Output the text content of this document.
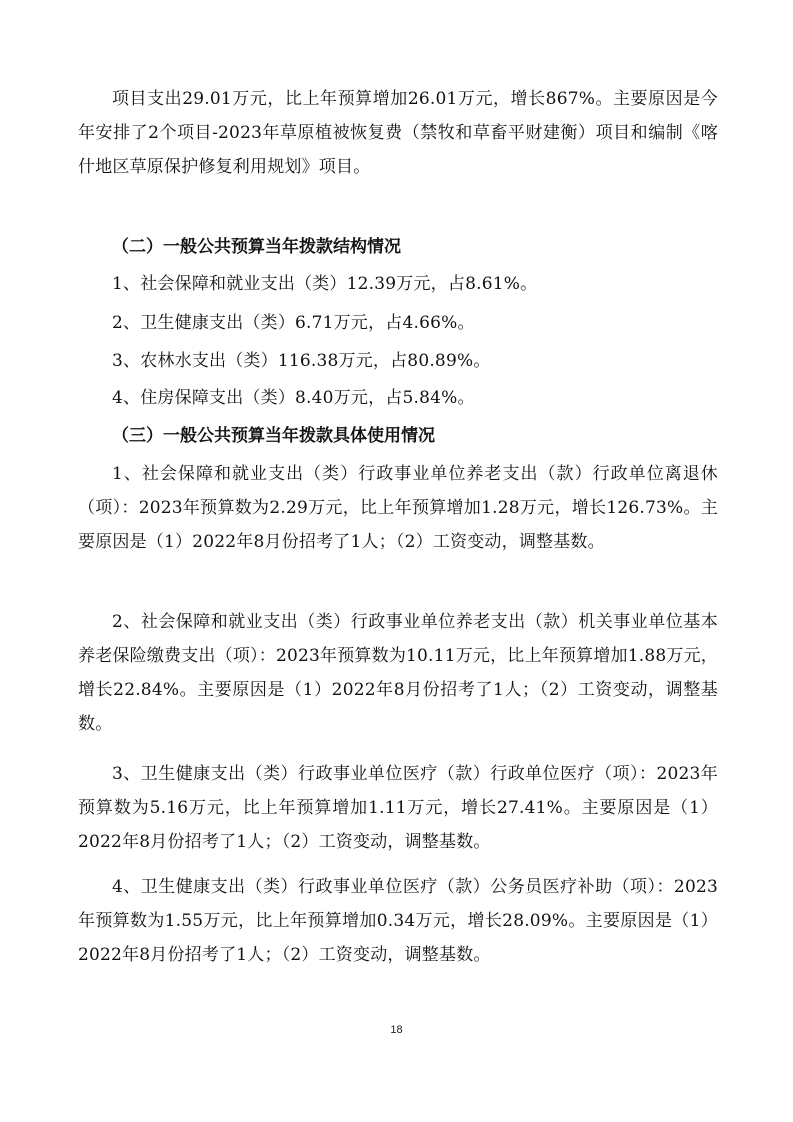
项目支出29.01万元，比上年预算增加26.01万元，增长867%。主要原因是今年安排了2个项目-2023年草原植被恢复费（禁牧和草畜平财建衡）项目和编制《喀什地区草原保护修复利用规划》项目。

（二）一般公共预算当年拨款结构情况

1、社会保障和就业支出（类）12.39万元，占8.61%。

2、卫生健康支出（类）6.71万元，占4.66%。

3、农林水支出（类）116.38万元，占80.89%。

4、住房保障支出（类）8.40万元，占5.84%。

（三）一般公共预算当年拨款具体使用情况

1、社会保障和就业支出（类）行政事业单位养老支出（款）行政单位离退休（项）：2023年预算数为2.29万元，比上年预算增加1.28万元，增长126.73%。主要原因是（1）2022年8月份招考了1人；（2）工资变动，调整基数。

2、社会保障和就业支出（类）行政事业单位养老支出（款）机关事业单位基本养老保险缴费支出（项）：2023年预算数为10.11万元，比上年预算增加1.88万元，增长22.84%。主要原因是（1）2022年8月份招考了1人；（2）工资变动，调整基数。

3、卫生健康支出（类）行政事业单位医疗（款）行政单位医疗（项）：2023年预算数为5.16万元，比上年预算增加1.11万元，增长27.41%。主要原因是（1）2022年8月份招考了1人；（2）工资变动，调整基数。

4、卫生健康支出（类）行政事业单位医疗（款）公务员医疗补助（项）：2023年预算数为1.55万元，比上年预算增加0.34万元，增长28.09%。主要原因是（1）2022年8月份招考了1人；（2）工资变动，调整基数。

18
